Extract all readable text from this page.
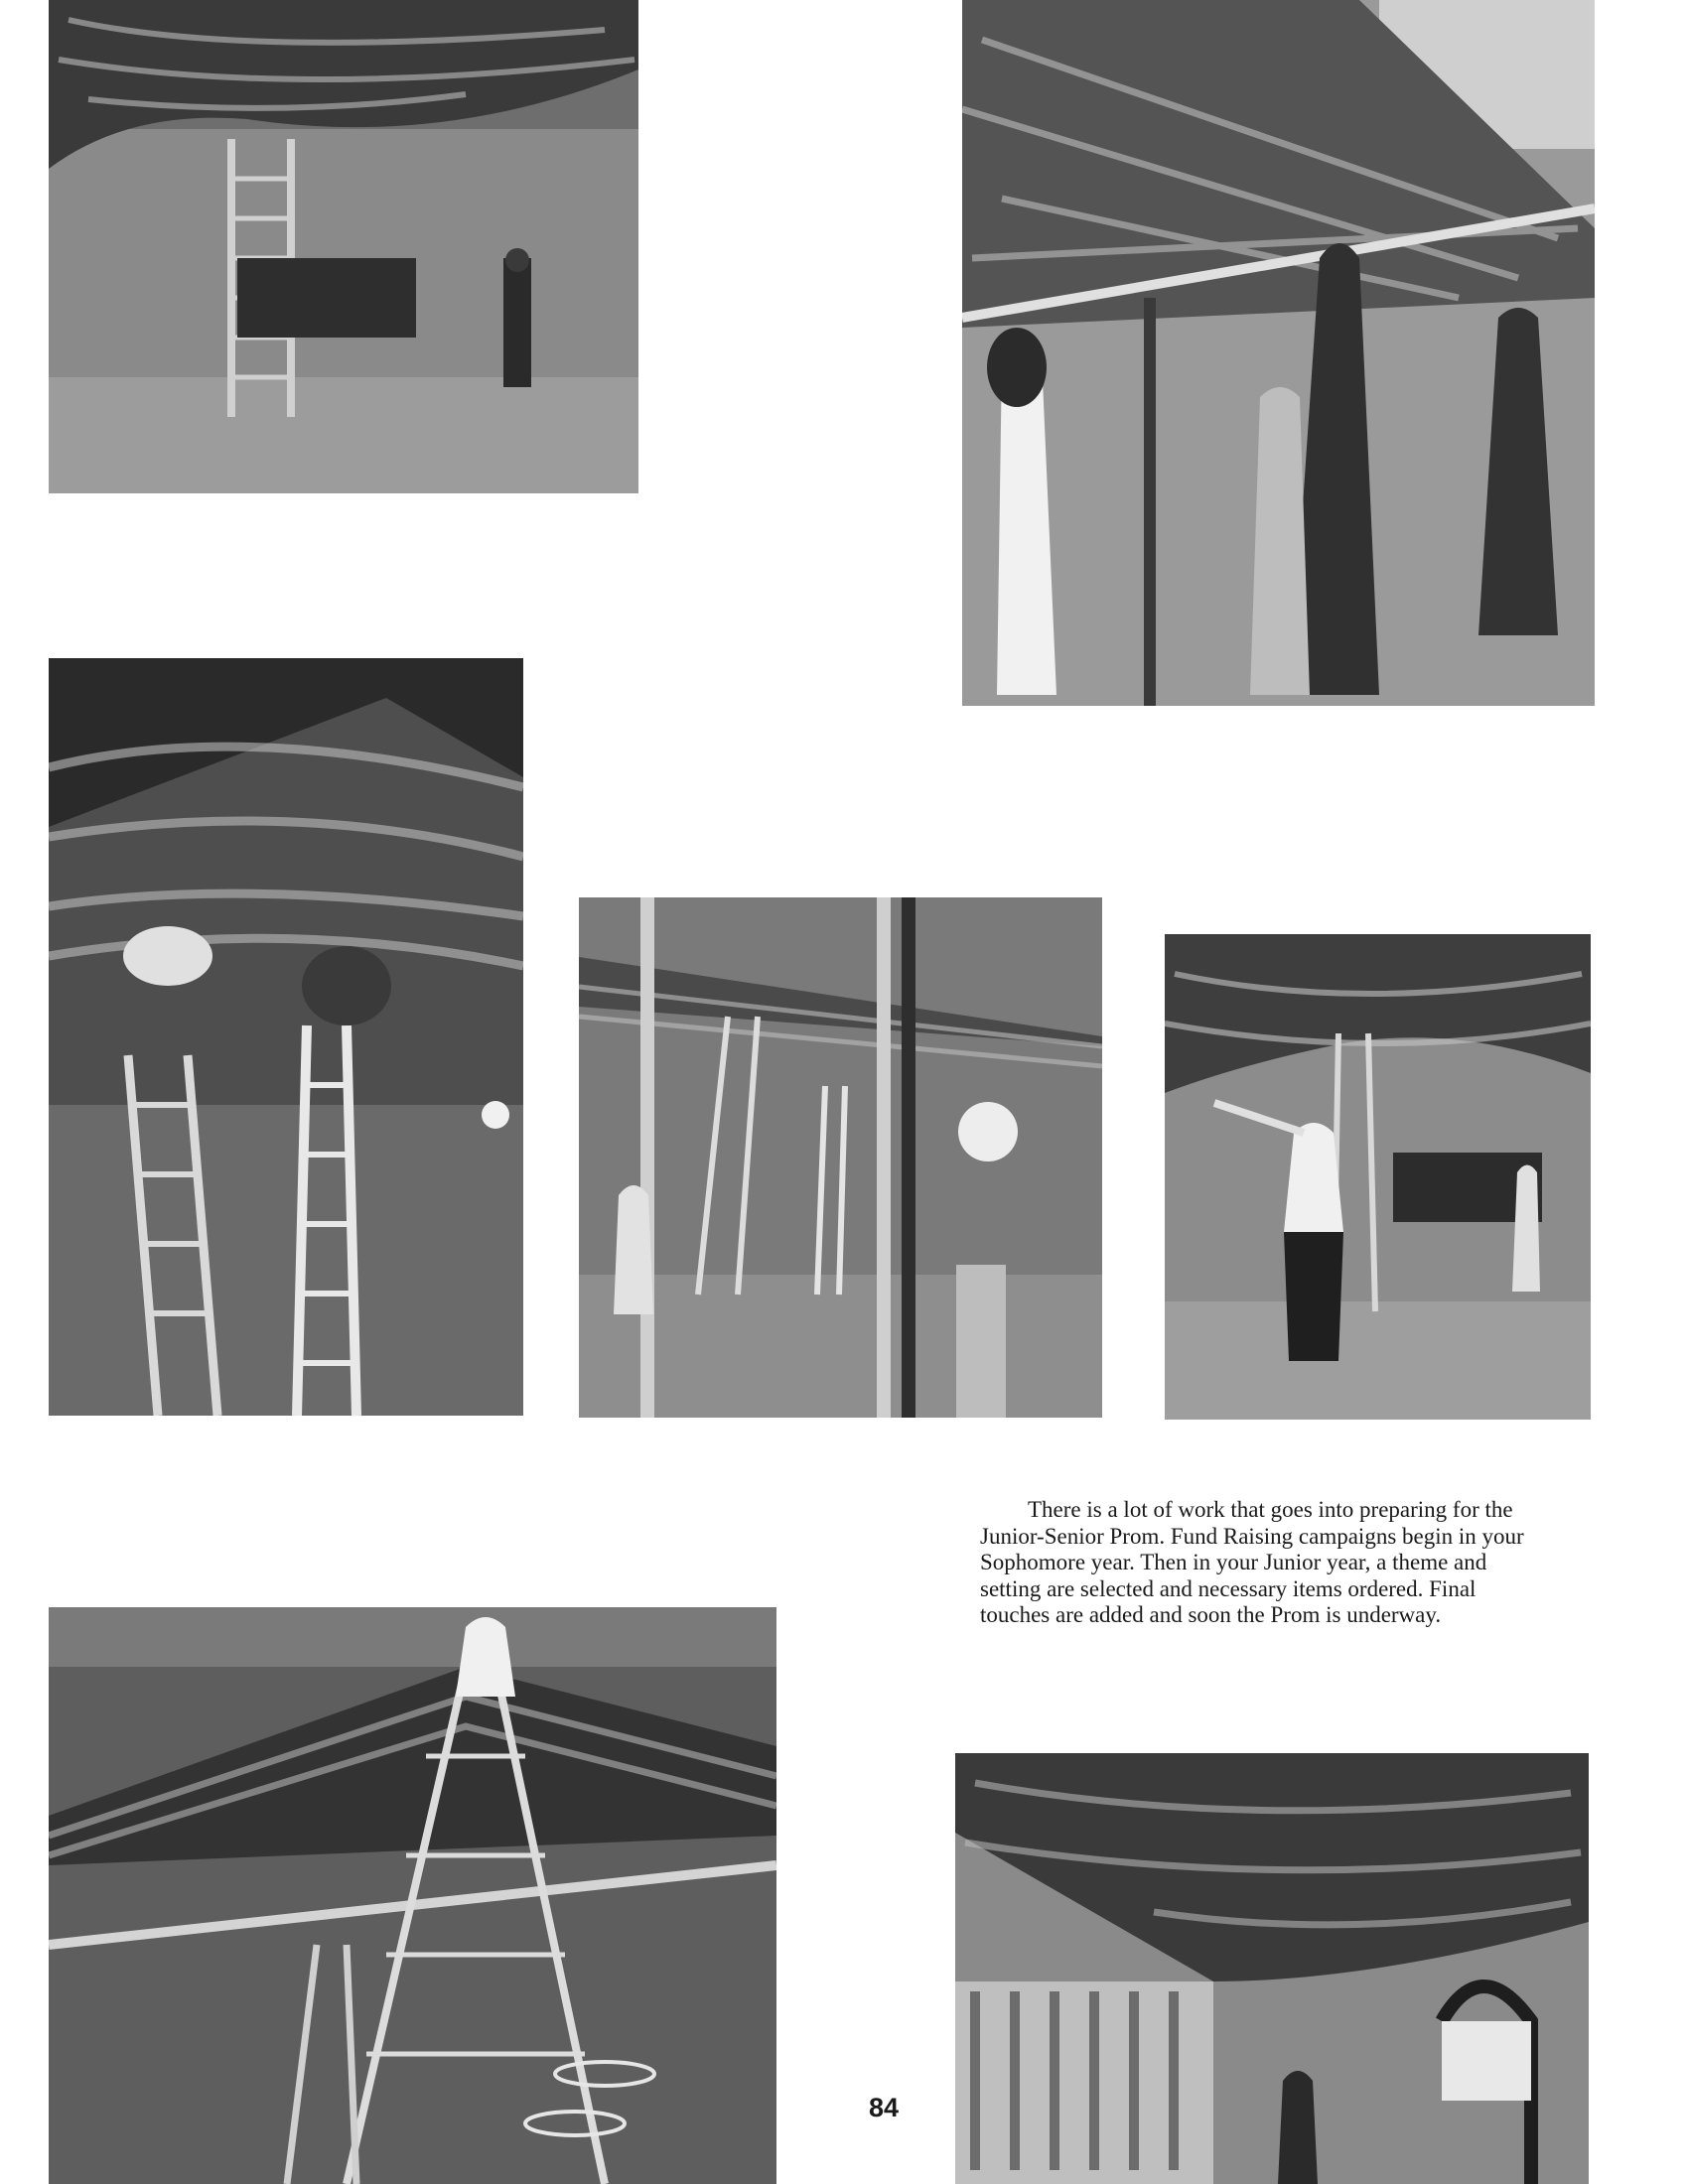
There is a lot of work that goes into preparing for the Junior-Senior Prom. Fund Raising campaigns begin in your Sophomore year. Then in your Junior year, a theme and setting are selected and necessary items ordered. Final touches are added and soon the Prom is underway.

84
